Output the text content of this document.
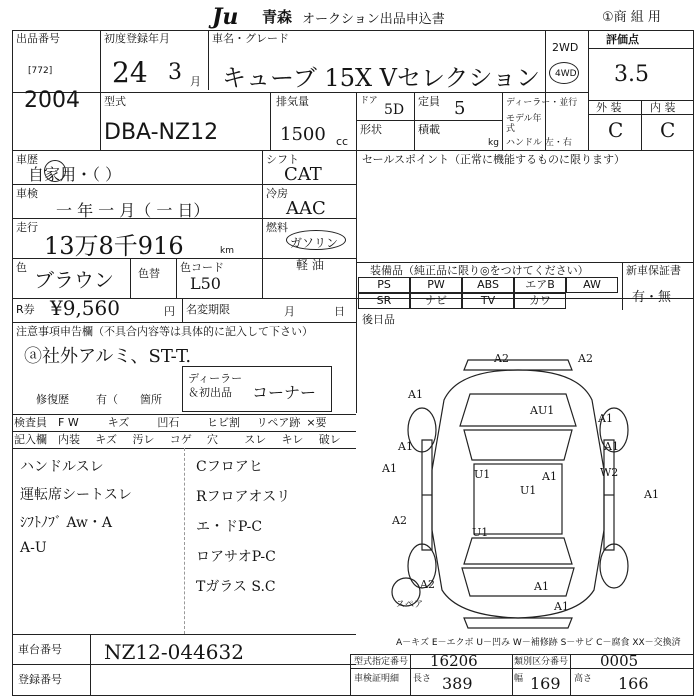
Ju 青森 オークション出品申込書	①商 組 用
出品番号
[772]
2004
初度登録年月
24 3 月
車名・グレード
キューブ 15X Vセレクション
2WD
4WD
評価点
3.5
型式
DBA-NZ12
排気量
1500 cc
ドア
5D
定員 5	ディーラー・並行
モデル年式
形状	積載
kg ハンドル 左・右
外 装	内 装
C C
車歴
自家用・（ ）
シフト
CAT
車検
一 年 一 月（ 一 日）
冷房
AAC
走行
13万8千916	km
燃料
ガソリン
軽 油
色
ブラウン 色替 色コード
L50
セールスポイント（正常に機能するものに限ります）
装備品（純正品に限り◎をつけてください）	新車保証書
有・無
PS	PW	ABS	エアB	AW
SR	ナビ	TV	カワ
R券 ¥9,560	円 名変期限	月	日
後日品
注意事項申告欄（不具合内容等は具体的に記入して下さい）
ⓐ社外アルミ、ST-T.
修復歴 有（ 箇所
ディーラー＆初出品	コーナー
検査員
記入欄
F W	キズ	凹石	ヒビ割 リペア跡 ×要
内装 キズ 汚レ コゲ 穴 スレ キレ 破レ
ハンドルスレ
運転席シートスレ
ｼﾌﾄﾉﾌﾞ Aw・A
A-U
Cフロアヒ
Rフロアオスリ
エ・ドP-C
ロアサオP-C
Tガラス S.C
スペア
A2	A2
A1
AU1
A1
A1	U1
U1
A1	W2
A1
A2
U1
A1
A2
A1
A1	A1
A－キズ E－エクボ U－凹み W－補修跡 S－サビ C－腐食 XX－交換済
車台番号 NZ12-044632
登録番号
型式指定番号 16206	類別区分番号 0005
車検証明細 長さ 389	幅 169 高さ 166
